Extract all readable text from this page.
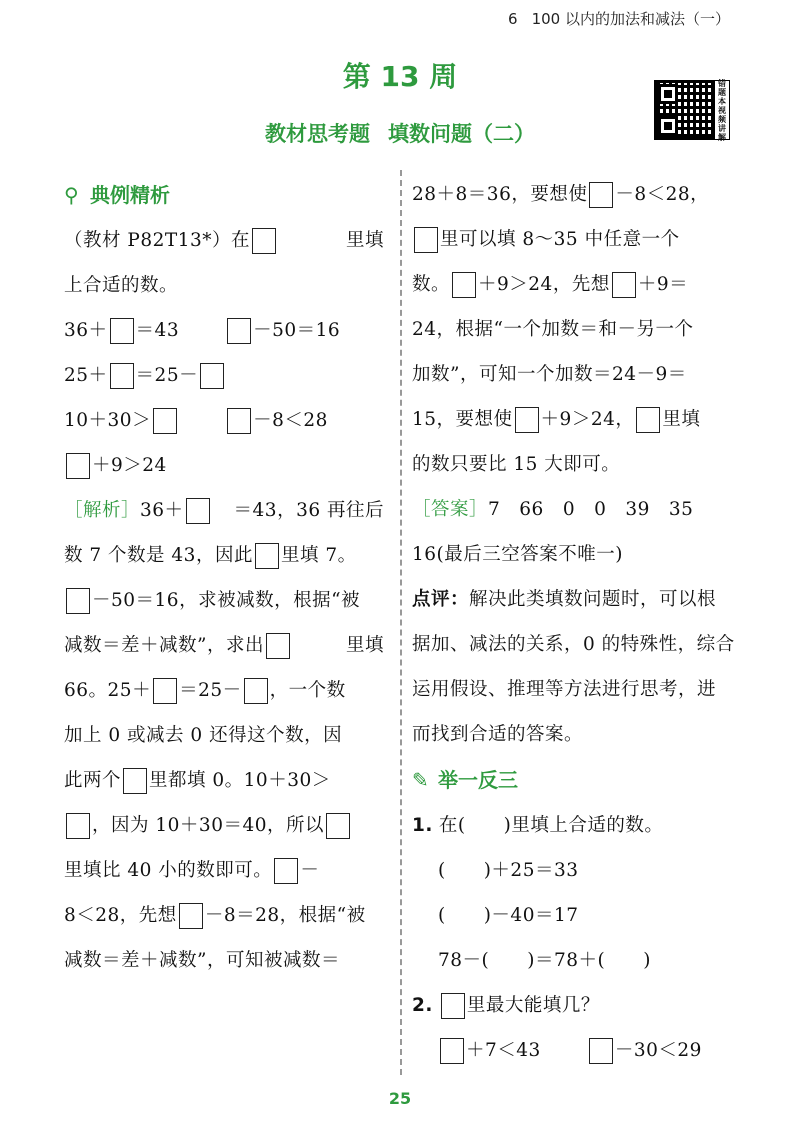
6 100 以内的加法和减法（一）
错
题
本
视
频
讲
解
第 13 周
教材思考题 填数问题（二）
⚲ 典例精析
（教材 P82T13*）在	里填
上合适的数。
36＋ ＝43	－50＝16
25＋ ＝25－
10＋30＞	－8＜28
＋9＞24
［解析］36＋	＝43，36 再往后
数 7 个数是 43，因此 里填 7。
－50＝16，求被减数，根据“被
减数＝差＋减数”，求出	里填
66。25＋ ＝25－ ，一个数
加上 0 或减去 0 还得这个数，因
此两个 里都填 0。10＋30＞
，因为 10＋30＝40，所以
里填比 40 小的数即可。 －
8＜28，先想 －8＝28，根据“被
减数＝差＋减数”，可知被减数＝
28＋8＝36，要想使 －8＜28，
里可以填 8～35 中任意一个
数。 ＋9＞24，先想 ＋9＝
24，根据“一个加数＝和－另一个
加数”，可知一个加数＝24－9＝
15，要想使 ＋9＞24， 里填
的数只要比 15 大即可。
［答案］7　66　0　0　39　35
16(最后三空答案不唯一)
点评：解决此类填数问题时，可以根
据加、减法的关系，0 的特殊性，综合
运用假设、推理等方法进行思考，进
而找到合适的答案。
✎ 举一反三
1. 在(　　)里填上合适的数。
(　　)＋25＝33
(　　)－40＝17
78－(　　)＝78＋(　　)
2. 里最大能填几？
＋7＜43	－30＜29
25
